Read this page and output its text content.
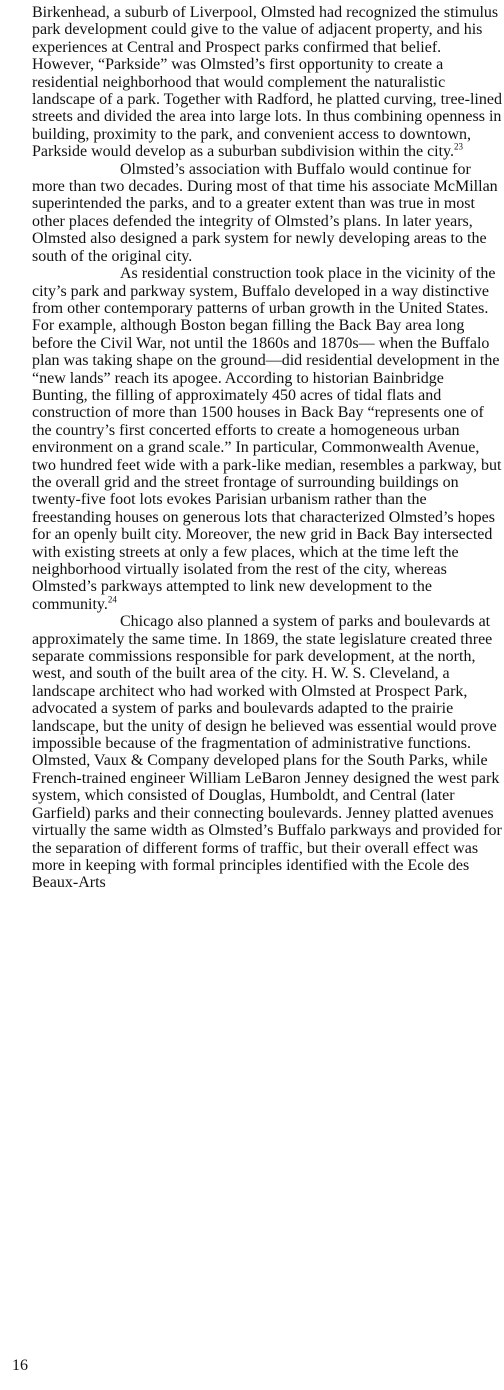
Birkenhead, a suburb of Liverpool, Olmsted had recognized the stimulus park development could give to the value of adjacent property, and his experiences at Central and Prospect parks confirmed that belief. However, “Parkside” was Olmsted’s first opportunity to create a residential neighborhood that would complement the naturalistic landscape of a park. Together with Radford, he platted curving, tree-lined streets and divided the area into large lots. In thus combining openness in building, proximity to the park, and convenient access to downtown, Parkside would develop as a suburban subdivision within the city.$^{23}$

Olmsted’s association with Buffalo would continue for more than two decades. During most of that time his associate McMillan superintended the parks, and to a greater extent than was true in most other places defended the integrity of Olmsted’s plans. In later years, Olmsted also designed a park system for newly developing areas to the south of the original city.

As residential construction took place in the vicinity of the city’s park and parkway system, Buffalo developed in a way distinctive from other contemporary patterns of urban growth in the United States. For example, although Boston began filling the Back Bay area long before the Civil War, not until the 1860s and 1870s— when the Buffalo plan was taking shape on the ground—did residential development in the “new lands” reach its apogee. According to historian Bainbridge Bunting, the filling of approximately 450 acres of tidal flats and construction of more than 1500 houses in Back Bay “represents one of the country’s first concerted efforts to create a homogeneous urban environment on a grand scale.” In particular, Commonwealth Avenue, two hundred feet wide with a park-like median, resembles a parkway, but the overall grid and the street frontage of surrounding buildings on twenty-five foot lots evokes Parisian urbanism rather than the freestanding houses on generous lots that characterized Olmsted’s hopes for an openly built city. Moreover, the new grid in Back Bay intersected with existing streets at only a few places, which at the time left the neighborhood virtually isolated from the rest of the city, whereas Olmsted’s parkways attempted to link new development to the community.$^{24}$

Chicago also planned a system of parks and boulevards at approximately the same time. In 1869, the state legislature created three separate commissions responsible for park development, at the north, west, and south of the built area of the city. H. W. S. Cleveland, a landscape architect who had worked with Olmsted at Prospect Park, advocated a system of parks and boulevards adapted to the prairie landscape, but the unity of design he believed was essential would prove impossible because of the fragmentation of administrative functions. Olmsted, Vaux & Company developed plans for the South Parks, while French-trained engineer William LeBaron Jenney designed the west park system, which consisted of Douglas, Humboldt, and Central (later Garfield) parks and their connecting boulevards. Jenney platted avenues virtually the same width as Olmsted’s Buffalo parkways and provided for the separation of different forms of traffic, but their overall effect was more in keeping with formal principles identified with the Ecole des Beaux-Arts

16
